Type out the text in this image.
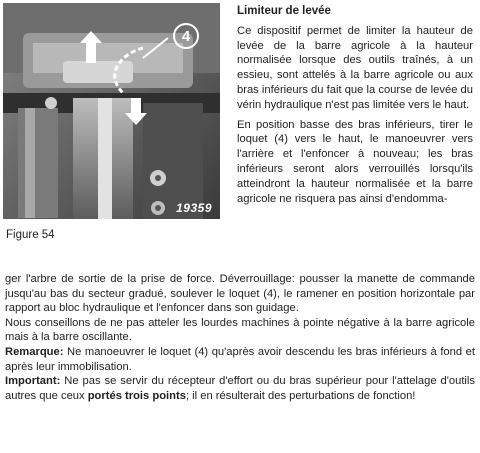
4
19359
Figure 54
Limiteur de levée

Ce dispositif permet de limiter la hauteur de levée de la barre agricole à la hauteur normalisée lorsque des outils traînés, à un essieu, sont attelés à la barre agricole ou aux bras inférieurs du fait que la course de levée du vérin hydraulique n'est pas limitée vers le haut.

En position basse des bras inférieurs, tirer le loquet (4) vers le haut, le manoeuvrer vers l'arrière et l'enfoncer à nouveau; les bras inférieurs seront alors verrouillés lorsqu'ils atteindront la hauteur normalisée et la barre agricole ne risquera pas ainsi d'endomma-

ger l'arbre de sortie de la prise de force. Déverrouillage: pousser la manette de commande jusqu'au bas du secteur gradué, soulever le loquet (4), le ramener en position horizontale par rapport au bloc hydraulique et l'enfoncer dans son guidage.

Nous conseillons de ne pas atteler les lourdes machines à pointe négative à la barre agricole mais à la barre oscillante.

Remarque: Ne manoeuvrer le loquet (4) qu'après avoir descendu les bras inférieurs à fond et après leur immobilisation.

Important: Ne pas se servir du récepteur d'effort ou du bras supérieur pour l'attelage d'outils autres que ceux portés trois points; il en résulterait des perturbations de fonction!
